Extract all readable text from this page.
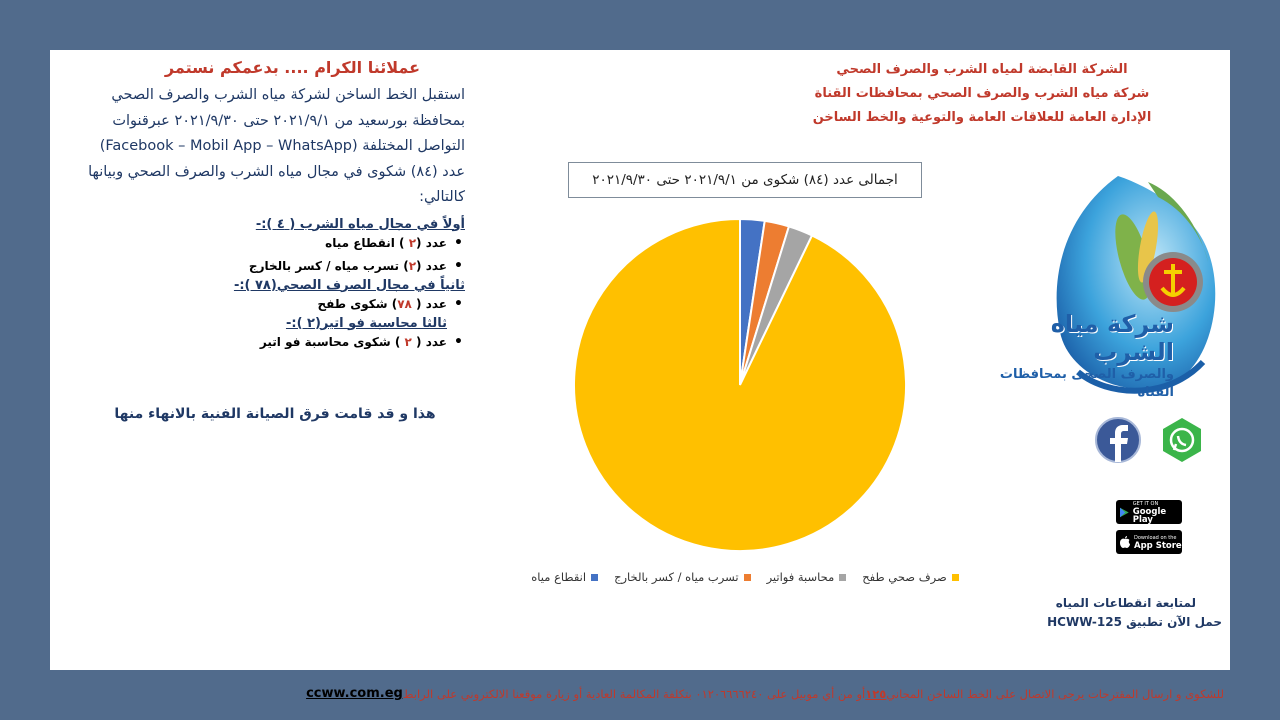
الشركة القابضة لمياه الشرب والصرف الصحي
شركة مياه الشرب والصرف الصحي بمحافظات القناة
الإدارة العامة للعلاقات العامة والتوعية والخط الساخن
عملائنا الكرام .... بدعمكم نستمر
استقبل الخط الساخن لشركة مياه الشرب والصرف الصحي بمحافظة بورسعيد من ٢٠٢١/٩/١ حتى ٢٠٢١/٩/٣٠ عبرقنوات التواصل المختلفة (Facebook – Mobil App – WhatsApp) عدد (٨٤) شكوى في مجال مياه الشرب والصرف الصحي وبيانها كالتالي:
أولاً في مجال مياه الشرب ( ٤ ):-
• عدد (٢ ) انقطاع مياه
• عدد (٢) تسرب مياه / كسر بالخارج
ثانياً في مجال الصرف الصحي(٧٨ ):-
• عدد ( ٧٨) شكوى طفح
ثالثا محاسبة فو اتير(٢ ):-
• عدد ( ٢ ) شكوى محاسبة فو اتير
هذا و قد قامت فرق الصيانة الفنية بالانهاء منها
اجمالى عدد (٨٤) شكوى من ٢٠٢١/٩/١ حتى ٢٠٢١/٩/٣٠
انقطاع مياه تسرب مياه / كسر بالخارج محاسبة فواتير صرف صحي طفح
شركة مياه الشرب
والصرف الصحى بمحافظات القناة
GET IT ON
Google Play
Download on the
App Store
لمتابعة انقطاعات المياه
حمل الآن تطبيق HCWW-125
للشكوى و ارسال المقترحات يرجى الاتصال على الخط الساخن المجاني
١٢٥
أو من أي موبيل على ٠١٢٠٦٦٦٦٢٤٠ بتكلفة المكالمة العادية أو زيارة موقعنا الالكتروني على الرابط
ccww.com.eg
